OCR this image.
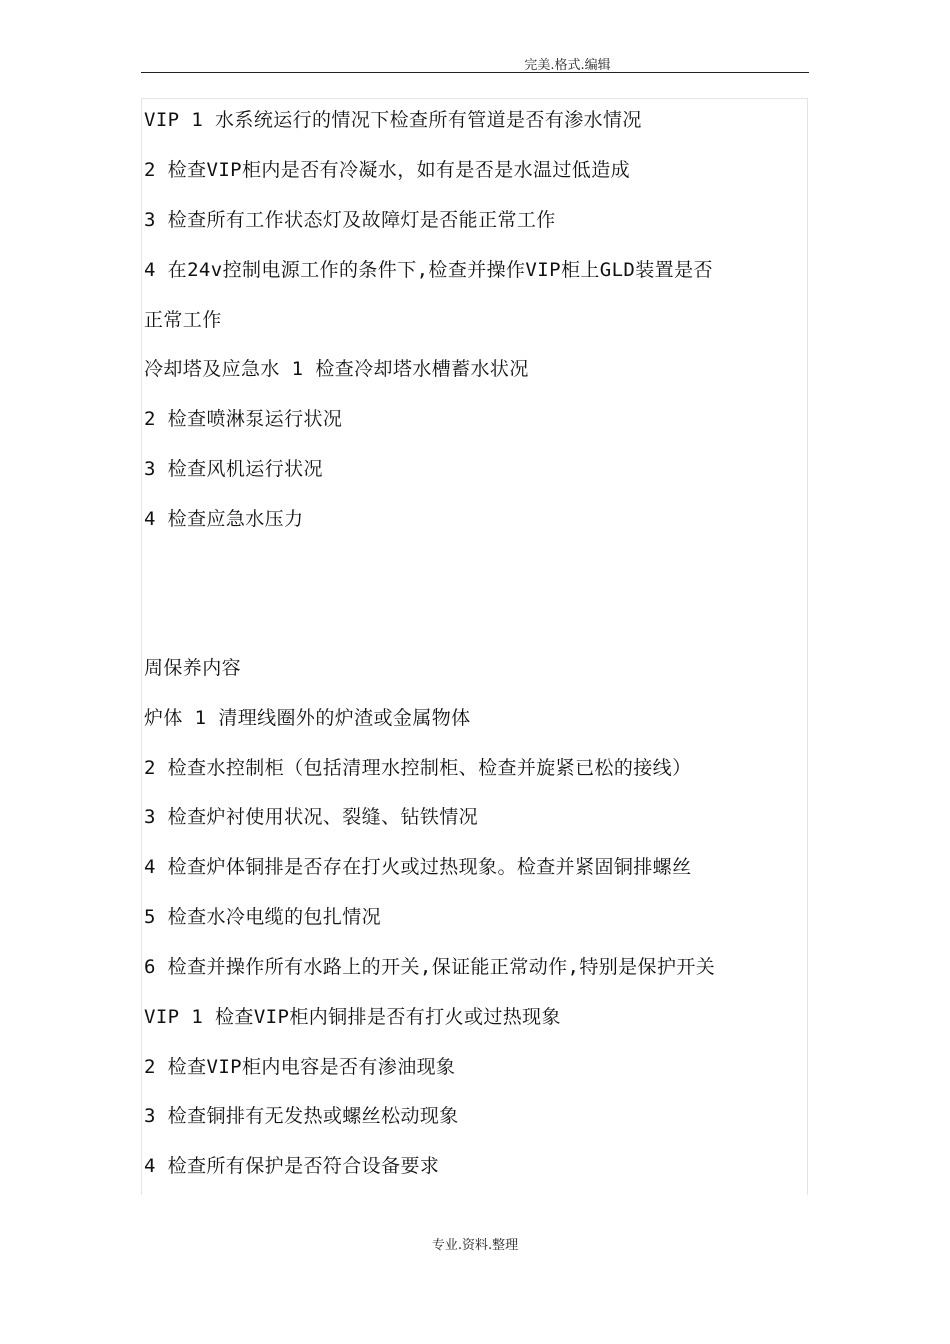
完美.格式.编辑
VIP 1 水系统运行的情况下检查所有管道是否有渗水情况
2 检查VIP柜内是否有冷凝水，如有是否是水温过低造成
3 检查所有工作状态灯及故障灯是否能正常工作
4 在24v控制电源工作的条件下,检查并操作VIP柜上GLD装置是否
正常工作
冷却塔及应急水 1 检查冷却塔水槽蓄水状况
2 检查喷淋泵运行状况
3 检查风机运行状况
4 检查应急水压力
周保养内容
炉体 1 清理线圈外的炉渣或金属物体
2 检查水控制柜（包括清理水控制柜、检查并旋紧已松的接线）
3 检查炉衬使用状况、裂缝、钻铁情况
4 检查炉体铜排是否存在打火或过热现象。检查并紧固铜排螺丝
5 检查水冷电缆的包扎情况
6 检查并操作所有水路上的开关,保证能正常动作,特别是保护开关
VIP 1 检查VIP柜内铜排是否有打火或过热现象
2 检查VIP柜内电容是否有渗油现象
3 检查铜排有无发热或螺丝松动现象
4 检查所有保护是否符合设备要求
专业.资料.整理
